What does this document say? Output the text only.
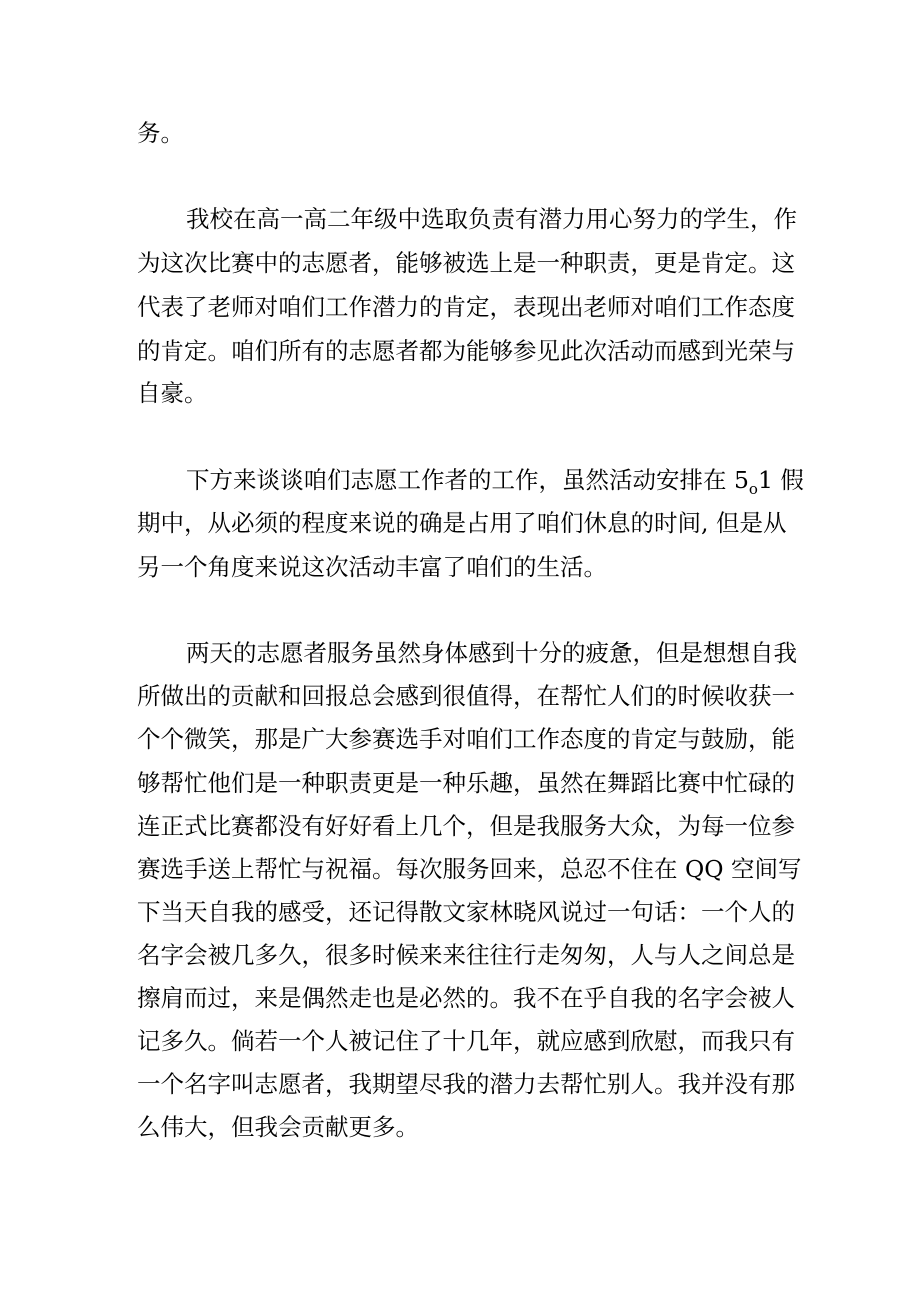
务。
我校在高一高二年级中选取负责有潜力用心努力的学生，作
为这次比赛中的志愿者，能够被选上是一种职责，更是肯定。这
代表了老师对咱们工作潜力的肯定，表现出老师对咱们工作态度
的肯定。咱们所有的志愿者都为能够参见此次活动而感到光荣与
自豪。
下方来谈谈咱们志愿工作者的工作，虽然活动安排在 $5_o1$ 假
期中，从必须的程度来说的确是占用了咱们休息的时间, 但是从
另一个角度来说这次活动丰富了咱们的生活。
两天的志愿者服务虽然身体感到十分的疲惫，但是想想自我
所做出的贡献和回报总会感到很值得，在帮忙人们的时候收获一
个个微笑，那是广大参赛选手对咱们工作态度的肯定与鼓励，能
够帮忙他们是一种职责更是一种乐趣，虽然在舞蹈比赛中忙碌的
连正式比赛都没有好好看上几个，但是我服务大众，为每一位参
赛选手送上帮忙与祝福。每次服务回来，总忍不住在 QQ 空间写
下当天自我的感受，还记得散文家林晓风说过一句话：一个人的
名字会被几多久，很多时候来来往往行走匆匆，人与人之间总是
擦肩而过，来是偶然走也是必然的。我不在乎自我的名字会被人
记多久。倘若一个人被记住了十几年，就应感到欣慰，而我只有
一个名字叫志愿者，我期望尽我的潜力去帮忙别人。我并没有那
么伟大，但我会贡献更多。
